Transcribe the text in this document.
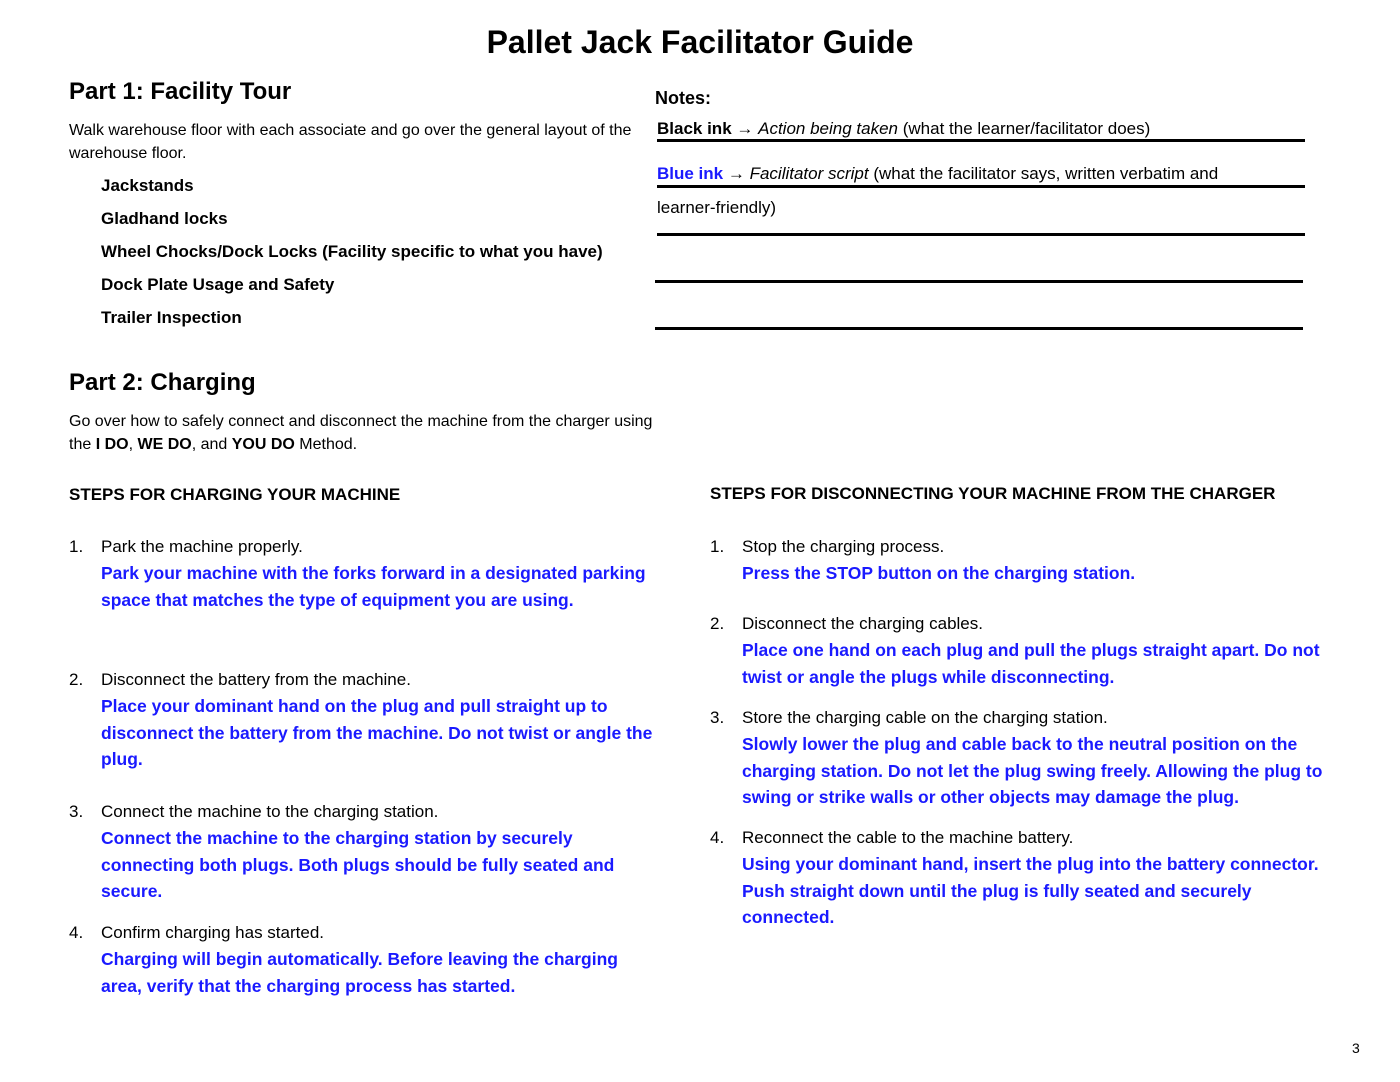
Pallet Jack Facilitator Guide
Part 1: Facility Tour

Walk warehouse floor with each associate and go over the general layout of the warehouse floor.

Jackstands
Gladhand locks
Wheel Chocks/Dock Locks (Facility specific to what you have)
Dock Plate Usage and Safety
Trailer Inspection
Notes:
Black ink → Action being taken (what the learner/facilitator does)
Blue ink → Facilitator script (what the facilitator says, written verbatim and
learner-friendly)
Part 2: Charging

Go over how to safely connect and disconnect the machine from the charger using the I DO, WE DO, and YOU DO Method.

STEPS FOR CHARGING YOUR MACHINE
1. Park the machine properly.
Park your machine with the forks forward in a designated parking space that matches the type of equipment you are using.
2. Disconnect the battery from the machine.
Place your dominant hand on the plug and pull straight up to disconnect the battery from the machine. Do not twist or angle the plug.
3. Connect the machine to the charging station.
Connect the machine to the charging station by securely connecting both plugs. Both plugs should be fully seated and secure.
4. Confirm charging has started.
Charging will begin automatically. Before leaving the charging area, verify that the charging process has started.
STEPS FOR DISCONNECTING YOUR MACHINE FROM THE CHARGER
1. Stop the charging process.
Press the STOP button on the charging station.
2. Disconnect the charging cables.
Place one hand on each plug and pull the plugs straight apart. Do not twist or angle the plugs while disconnecting.
3. Store the charging cable on the charging station.
Slowly lower the plug and cable back to the neutral position on the charging station. Do not let the plug swing freely. Allowing the plug to swing or strike walls or other objects may damage the plug.
4. Reconnect the cable to the machine battery.
Using your dominant hand, insert the plug into the battery connector. Push straight down until the plug is fully seated and securely connected.
3
